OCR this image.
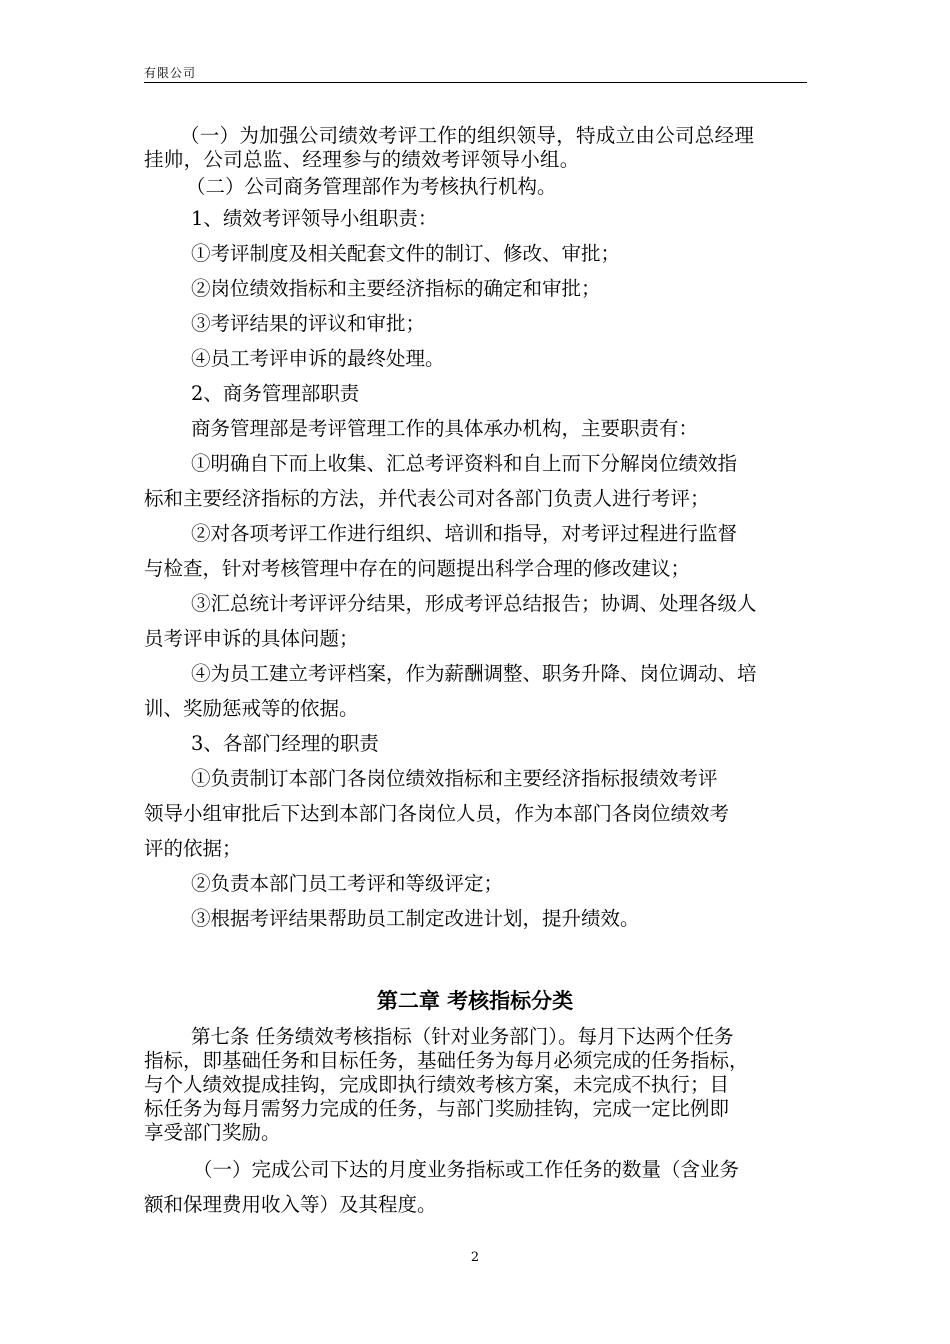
有限公司
（一）为加强公司绩效考评工作的组织领导，特成立由公司总经理
挂帅，公司总监、经理参与的绩效考评领导小组。
（二）公司商务管理部作为考核执行机构。
1、绩效考评领导小组职责：
①考评制度及相关配套文件的制订、修改、审批；
②岗位绩效指标和主要经济指标的确定和审批；
③考评结果的评议和审批；
④员工考评申诉的最终处理。
2、商务管理部职责
商务管理部是考评管理工作的具体承办机构，主要职责有：
①明确自下而上收集、汇总考评资料和自上而下分解岗位绩效指
标和主要经济指标的方法，并代表公司对各部门负责人进行考评；
②对各项考评工作进行组织、培训和指导，对考评过程进行监督
与检查，针对考核管理中存在的问题提出科学合理的修改建议；
③汇总统计考评评分结果，形成考评总结报告；协调、处理各级人
员考评申诉的具体问题；
④为员工建立考评档案，作为薪酬调整、职务升降、岗位调动、培
训、奖励惩戒等的依据。
3、各部门经理的职责
①负责制订本部门各岗位绩效指标和主要经济指标报绩效考评
领导小组审批后下达到本部门各岗位人员，作为本部门各岗位绩效考
评的依据；
②负责本部门员工考评和等级评定；
③根据考评结果帮助员工制定改进计划，提升绩效。
第二章 考核指标分类
第七条 任务绩效考核指标（针对业务部门）。每月下达两个任务
指标，即基础任务和目标任务，基础任务为每月必须完成的任务指标，
与个人绩效提成挂钩，完成即执行绩效考核方案，未完成不执行；目
标任务为每月需努力完成的任务，与部门奖励挂钩，完成一定比例即
享受部门奖励。
（一）完成公司下达的月度业务指标或工作任务的数量（含业务
额和保理费用收入等）及其程度。
2
